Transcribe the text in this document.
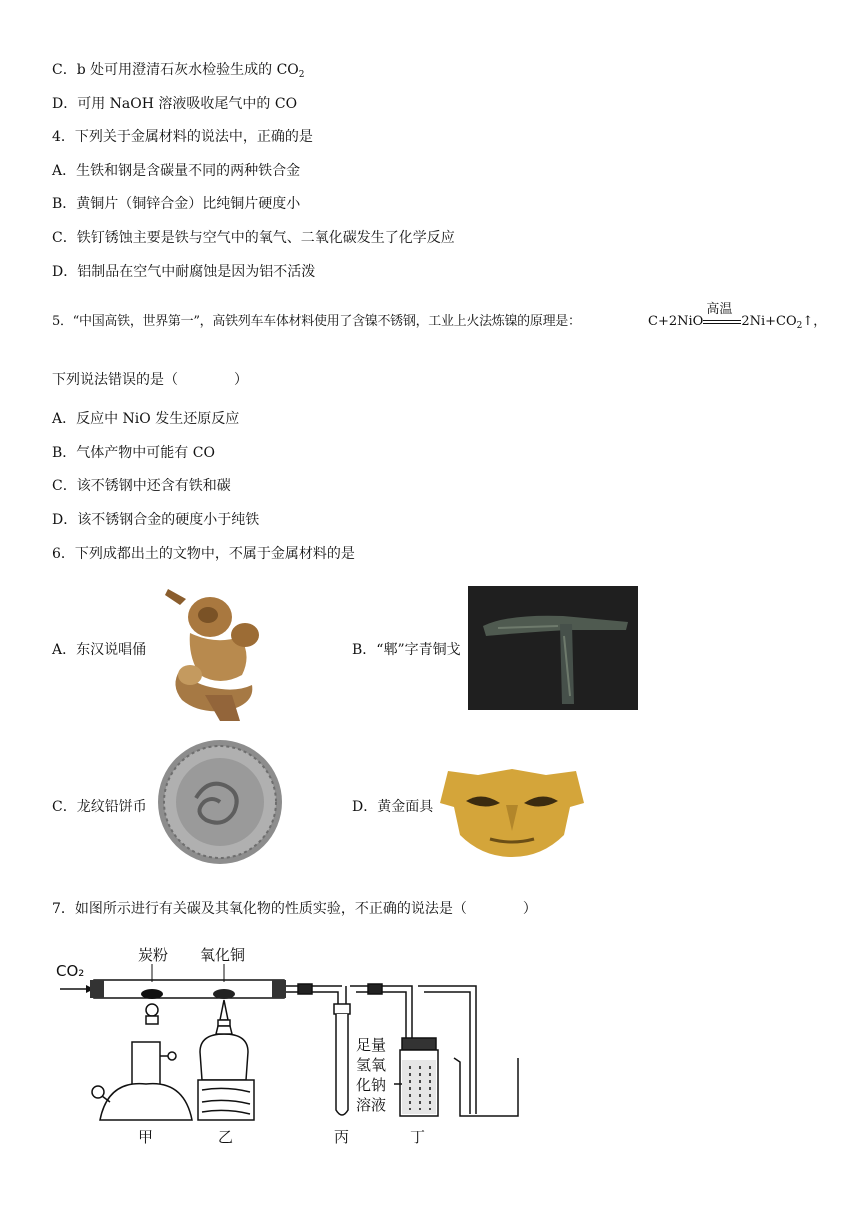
C．b 处可用澄清石灰水检验生成的 $CO_2$
D．可用 NaOH 溶液吸收尾气中的 CO
4．下列关于金属材料的说法中，正确的是
A．生铁和钢是含碳量不同的两种铁合金
B．黄铜片（铜锌合金）比纯铜片硬度小
C．铁钉锈蚀主要是铁与空气中的氧气、二氧化碳发生了化学反应
D．铝制品在空气中耐腐蚀是因为铝不活泼
5．“中国高铁，世界第一”，高铁列车车体材料使用了含镍不锈钢，工业上火法炼镍的原理是：	C+2NiO
高温
$2Ni+CO_2↑$，
下列说法错误的是（　　　　）
A．反应中 NiO 发生还原反应
B．气体产物中可能有 CO
C．该不锈钢中还含有铁和碳
D．该不锈钢合金的硬度小于纯铁
6．下列成都出土的文物中，不属于金属材料的是
A．东汉说唱俑	B．“郫”字青铜戈
C．龙纹铅饼币	D．黄金面具
7．如图所示进行有关碳及其氧化物的性质实验，不正确的说法是（　　　　）
CO₂
炭粉 氧化铜
足量
氢氧
化钠
溶液
甲	乙	丙	丁
